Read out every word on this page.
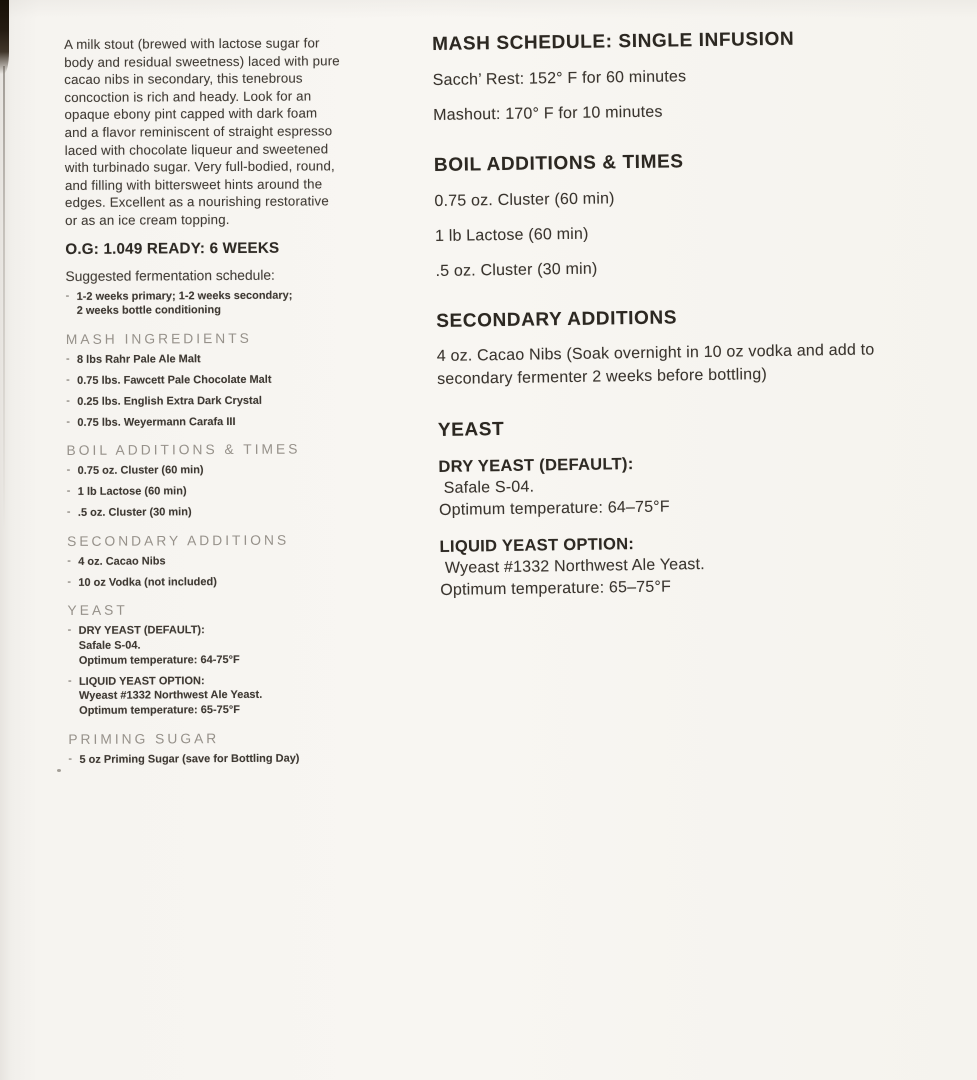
A milk stout (brewed with lactose sugar for body and residual sweetness) laced with pure cacao nibs in secondary, this tenebrous concoction is rich and heady. Look for an opaque ebony pint capped with dark foam and a flavor reminiscent of straight espresso laced with chocolate liqueur and sweetened with turbinado sugar. Very full-bodied, round, and filling with bittersweet hints around the edges. Excellent as a nourishing restorative or as an ice cream topping.

O.G: 1.049 READY: 6 WEEKS
Suggested fermentation schedule:
- 1-2 weeks primary; 1-2 weeks secondary;
2 weeks bottle conditioning
MASH INGREDIENTS
- 8 lbs Rahr Pale Ale Malt
- 0.75 lbs. Fawcett Pale Chocolate Malt
- 0.25 lbs. English Extra Dark Crystal
- 0.75 lbs. Weyermann Carafa III
BOIL ADDITIONS & TIMES
- 0.75 oz. Cluster (60 min)
- 1 lb Lactose (60 min)
- .5 oz. Cluster (30 min)
SECONDARY ADDITIONS
- 4 oz. Cacao Nibs
- 10 oz Vodka (not included)
YEAST
- DRY YEAST (DEFAULT):
Safale S-04.
Optimum temperature: 64-75°F
- LIQUID YEAST OPTION:
Wyeast #1332 Northwest Ale Yeast.
Optimum temperature: 65-75°F
PRIMING SUGAR
- 5 oz Priming Sugar (save for Bottling Day)
MASH SCHEDULE: SINGLE INFUSION
Sacch’ Rest: 152° F for 60 minutes
Mashout: 170° F for 10 minutes
BOIL ADDITIONS & TIMES
0.75 oz. Cluster (60 min)
1 lb Lactose (60 min)
.5 oz. Cluster (30 min)
SECONDARY ADDITIONS
4 oz. Cacao Nibs (Soak overnight in 10 oz vodka and add to secondary fermenter 2 weeks before bottling)
YEAST
DRY YEAST (DEFAULT):
Safale S-04.
Optimum temperature: 64–75°F
LIQUID YEAST OPTION:
Wyeast #1332 Northwest Ale Yeast.
Optimum temperature: 65–75°F
